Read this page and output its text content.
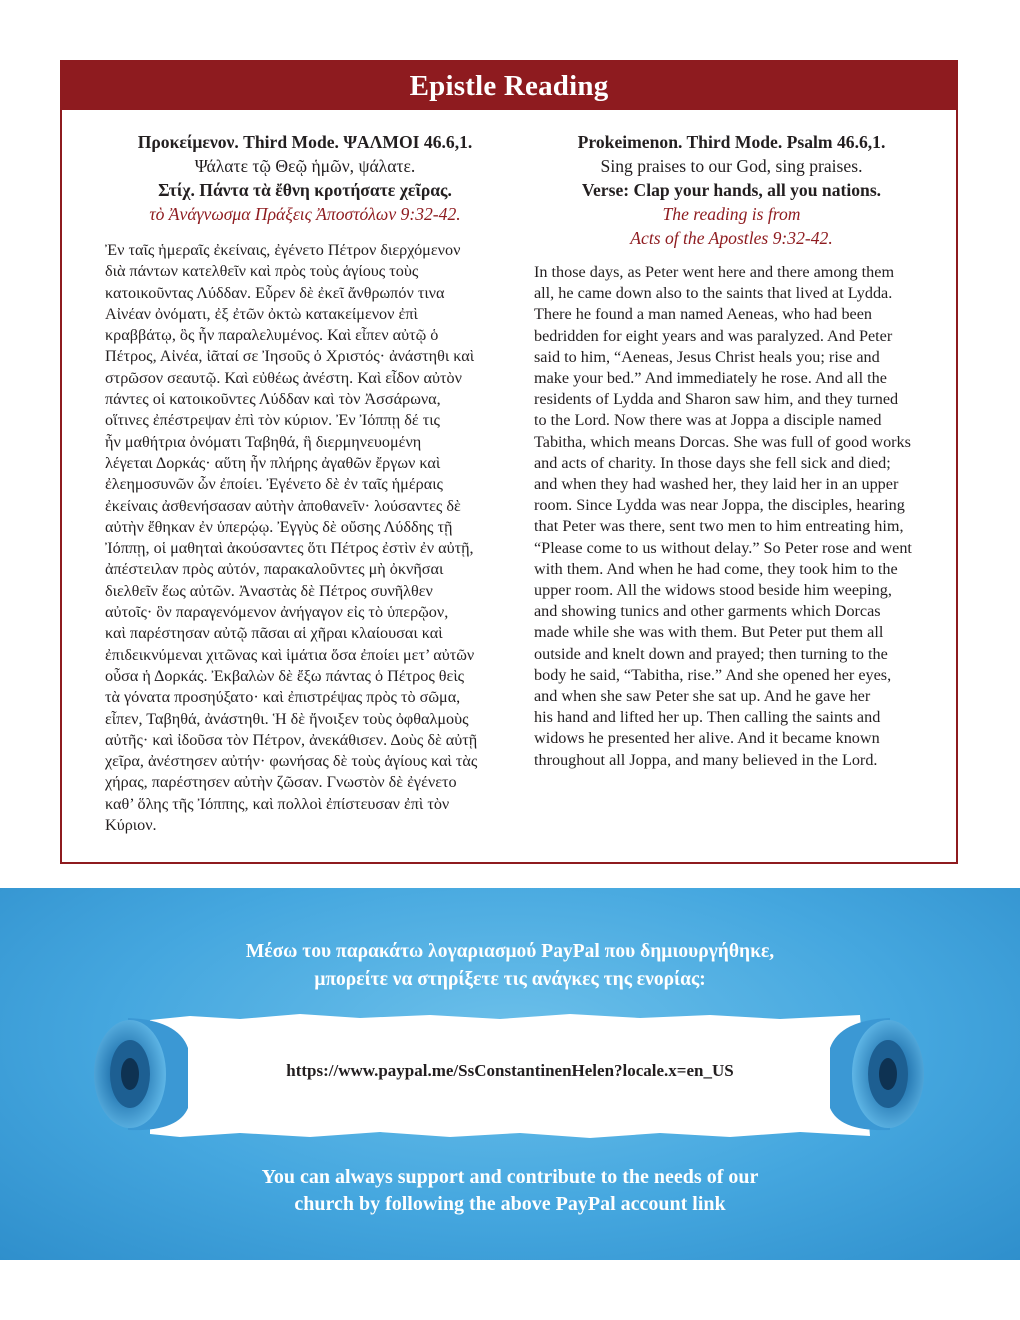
Epistle Reading
Προκείμενον. Third Mode. ΨΑΛΜΟΙ 46.6,1.
Ψάλατε τῷ Θεῷ ἡμῶν, ψάλατε.
Στίχ. Πάντα τὰ ἔθνη κροτήσατε χεῖρας.
τὸ Ἀνάγνωσμα Πράξεις Ἀποστόλων 9:32-42.
Ἐν ταῖς ἡμεραῖς ἐκείναις, ἐγένετο Πέτρον διερχόμενον
διὰ πάντων κατελθεῖν καὶ πρὸς τοὺς ἁγίους τοὺς
κατοικοῦντας Λύδδαν. Εὗρεν δὲ ἐκεῖ ἄνθρωπόν τινα
Αἰνέαν ὀνόματι, ἐξ ἐτῶν ὀκτὼ κατακείμενον ἐπὶ
κραββάτῳ, ὃς ἦν παραλελυμένος. Καὶ εἶπεν αὐτῷ ὁ
Πέτρος, Αἰνέα, ἰᾶταί σε Ἰησοῦς ὁ Χριστός· ἀνάστηθι καὶ
στρῶσον σεαυτῷ. Καὶ εὐθέως ἀνέστη. Καὶ εἶδον αὐτὸν
πάντες οἱ κατοικοῦντες Λύδδαν καὶ τὸν Ἀσσάρωνα,
οἵτινες ἐπέστρεψαν ἐπὶ τὸν κύριον. Ἐν Ἰόππῃ δέ τις
ἦν μαθήτρια ὀνόματι Ταβηθά, ἣ διερμηνευομένη
λέγεται Δορκάς· αὕτη ἦν πλήρης ἀγαθῶν ἔργων καὶ
ἐλεημοσυνῶν ὧν ἐποίει. Ἐγένετο δὲ ἐν ταῖς ἡμέραις
ἐκείναις ἀσθενήσασαν αὐτὴν ἀποθανεῖν· λούσαντες δὲ
αὐτὴν ἔθηκαν ἐν ὑπερῴῳ. Ἐγγὺς δὲ οὔσης Λύδδης τῇ
Ἰόππῃ, οἱ μαθηταὶ ἀκούσαντες ὅτι Πέτρος ἐστὶν ἐν αὐτῇ,
ἀπέστειλαν πρὸς αὐτόν, παρακαλοῦντες μὴ ὀκνῆσαι
διελθεῖν ἕως αὐτῶν. Ἀναστὰς δὲ Πέτρος συνῆλθεν
αὐτοῖς· ὃν παραγενόμενον ἀνήγαγον εἰς τὸ ὑπερῷον,
καὶ παρέστησαν αὐτῷ πᾶσαι αἱ χῆραι κλαίουσαι καὶ
ἐπιδεικνύμεναι χιτῶνας καὶ ἱμάτια ὅσα ἐποίει μετ’ αὐτῶν
οὖσα ἡ Δορκάς. Ἐκβαλὼν δὲ ἔξω πάντας ὁ Πέτρος θεὶς
τὰ γόνατα προσηύξατο· καὶ ἐπιστρέψας πρὸς τὸ σῶμα,
εἶπεν, Ταβηθά, ἀνάστηθι. Ἡ δὲ ἤνοιξεν τοὺς ὀφθαλμοὺς
αὐτῆς· καὶ ἰδοῦσα τὸν Πέτρον, ἀνεκάθισεν. Δοὺς δὲ αὐτῇ
χεῖρα, ἀνέστησεν αὐτήν· φωνήσας δὲ τοὺς ἁγίους καὶ τὰς
χήρας, παρέστησεν αὐτὴν ζῶσαν. Γνωστὸν δὲ ἐγένετο
καθ’ ὅλης τῆς Ἰόππης, καὶ πολλοὶ ἐπίστευσαν ἐπὶ τὸν
Κύριον.
Prokeimenon. Third Mode. Psalm 46.6,1.
Sing praises to our God, sing praises.
Verse: Clap your hands, all you nations.
The reading is from
Acts of the Apostles 9:32-42.
In those days, as Peter went here and there among them
all, he came down also to the saints that lived at Lydda.
There he found a man named Aeneas, who had been
bedridden for eight years and was paralyzed. And Peter
said to him, “Aeneas, Jesus Christ heals you; rise and
make your bed.” And immediately he rose. And all the
residents of Lydda and Sharon saw him, and they turned
to the Lord. Now there was at Joppa a disciple named
Tabitha, which means Dorcas. She was full of good works
and acts of charity. In those days she fell sick and died;
and when they had washed her, they laid her in an upper
room. Since Lydda was near Joppa, the disciples, hearing
that Peter was there, sent two men to him entreating him,
“Please come to us without delay.” So Peter rose and went
with them. And when he had come, they took him to the
upper room. All the widows stood beside him weeping,
and showing tunics and other garments which Dorcas
made while she was with them. But Peter put them all
outside and knelt down and prayed; then turning to the
body he said, “Tabitha, rise.” And she opened her eyes,
and when she saw Peter she sat up. And he gave her
his hand and lifted her up. Then calling the saints and
widows he presented her alive. And it became known
throughout all Joppa, and many believed in the Lord.
Μέσω του παρακάτω λογαριασμού PayPal που δημιουργήθηκε,
μπορείτε να στηρίξετε τις ανάγκες της ενορίας:
https://www.paypal.me/SsConstantinenHelen?locale.x=en_US
You can always support and contribute to the needs of our
church by following the above PayPal account link
